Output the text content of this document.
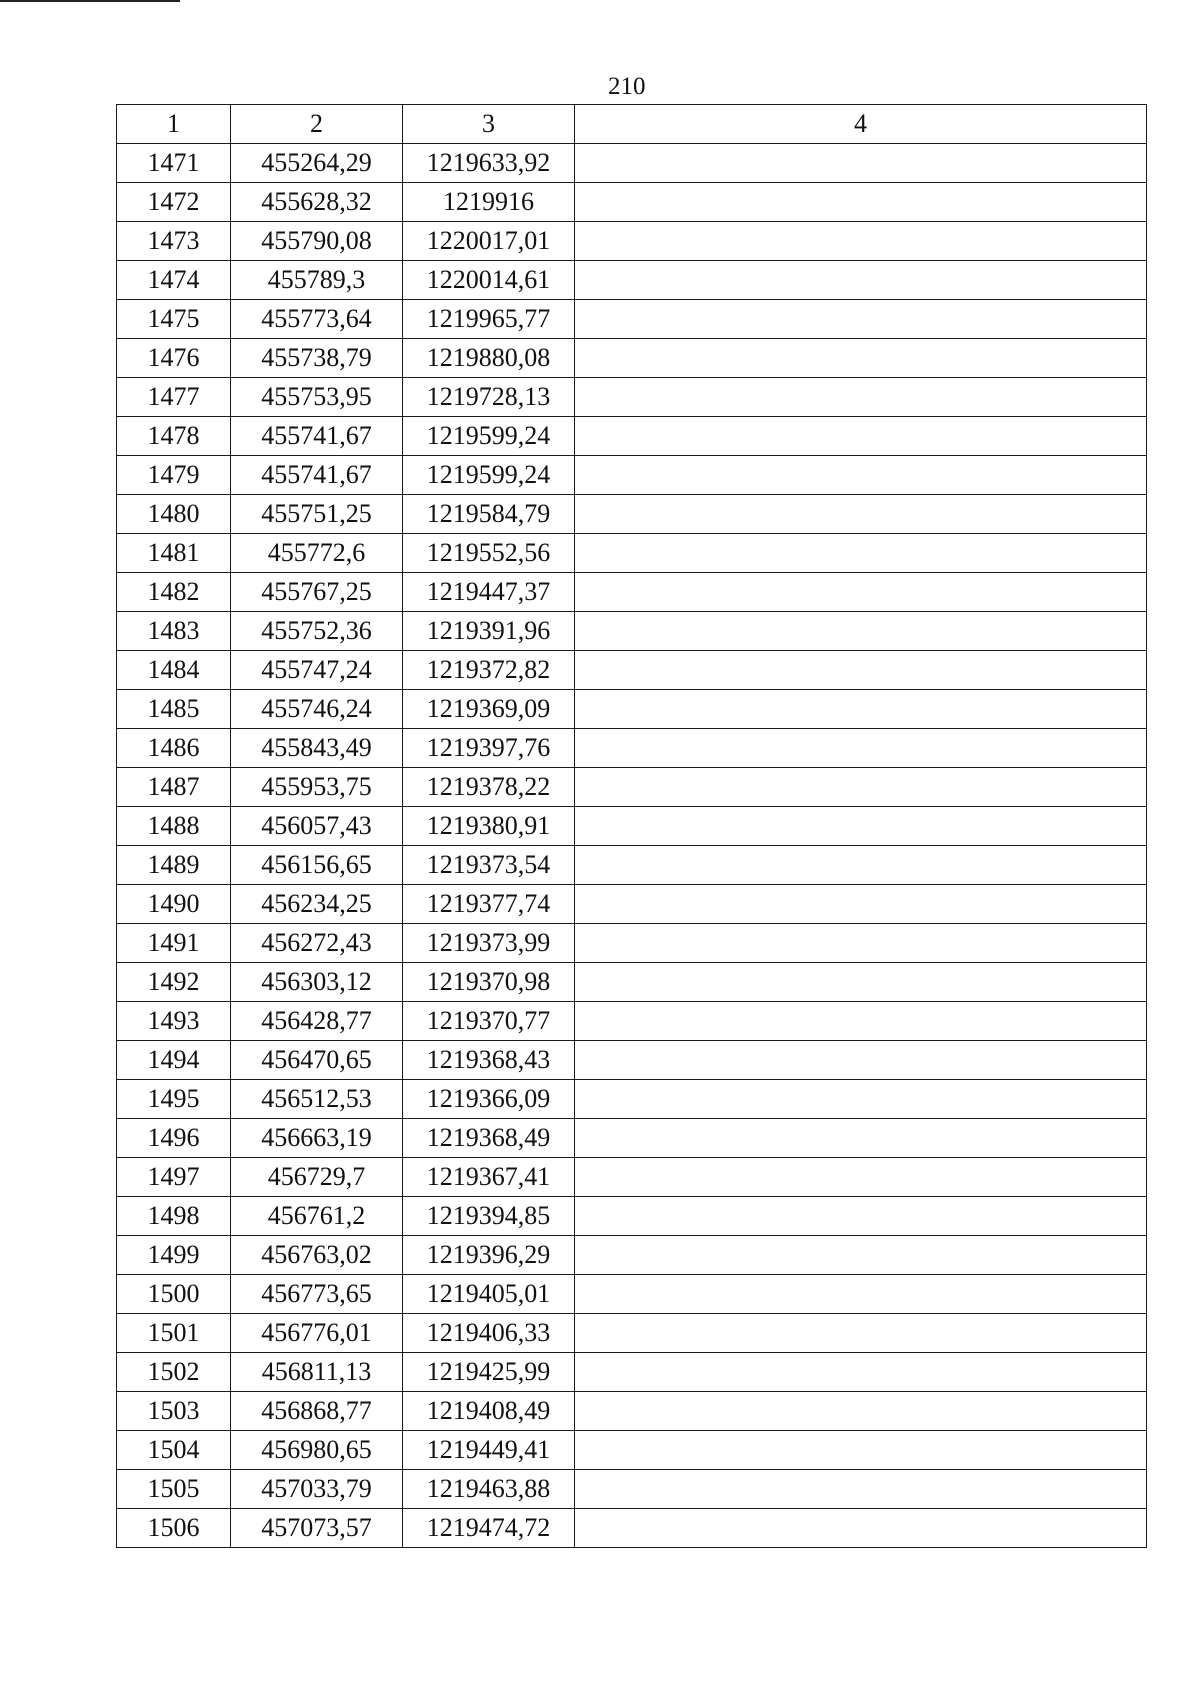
210
1	2	3	4
1471	455264,29	1219633,92	
1472	455628,32	1219916	
1473	455790,08	1220017,01	
1474	455789,3	1220014,61	
1475	455773,64	1219965,77	
1476	455738,79	1219880,08	
1477	455753,95	1219728,13	
1478	455741,67	1219599,24	
1479	455741,67	1219599,24	
1480	455751,25	1219584,79	
1481	455772,6	1219552,56	
1482	455767,25	1219447,37	
1483	455752,36	1219391,96	
1484	455747,24	1219372,82	
1485	455746,24	1219369,09	
1486	455843,49	1219397,76	
1487	455953,75	1219378,22	
1488	456057,43	1219380,91	
1489	456156,65	1219373,54	
1490	456234,25	1219377,74	
1491	456272,43	1219373,99	
1492	456303,12	1219370,98	
1493	456428,77	1219370,77	
1494	456470,65	1219368,43	
1495	456512,53	1219366,09	
1496	456663,19	1219368,49	
1497	456729,7	1219367,41	
1498	456761,2	1219394,85	
1499	456763,02	1219396,29	
1500	456773,65	1219405,01	
1501	456776,01	1219406,33	
1502	456811,13	1219425,99	
1503	456868,77	1219408,49	
1504	456980,65	1219449,41	
1505	457033,79	1219463,88	
1506	457073,57	1219474,72	
